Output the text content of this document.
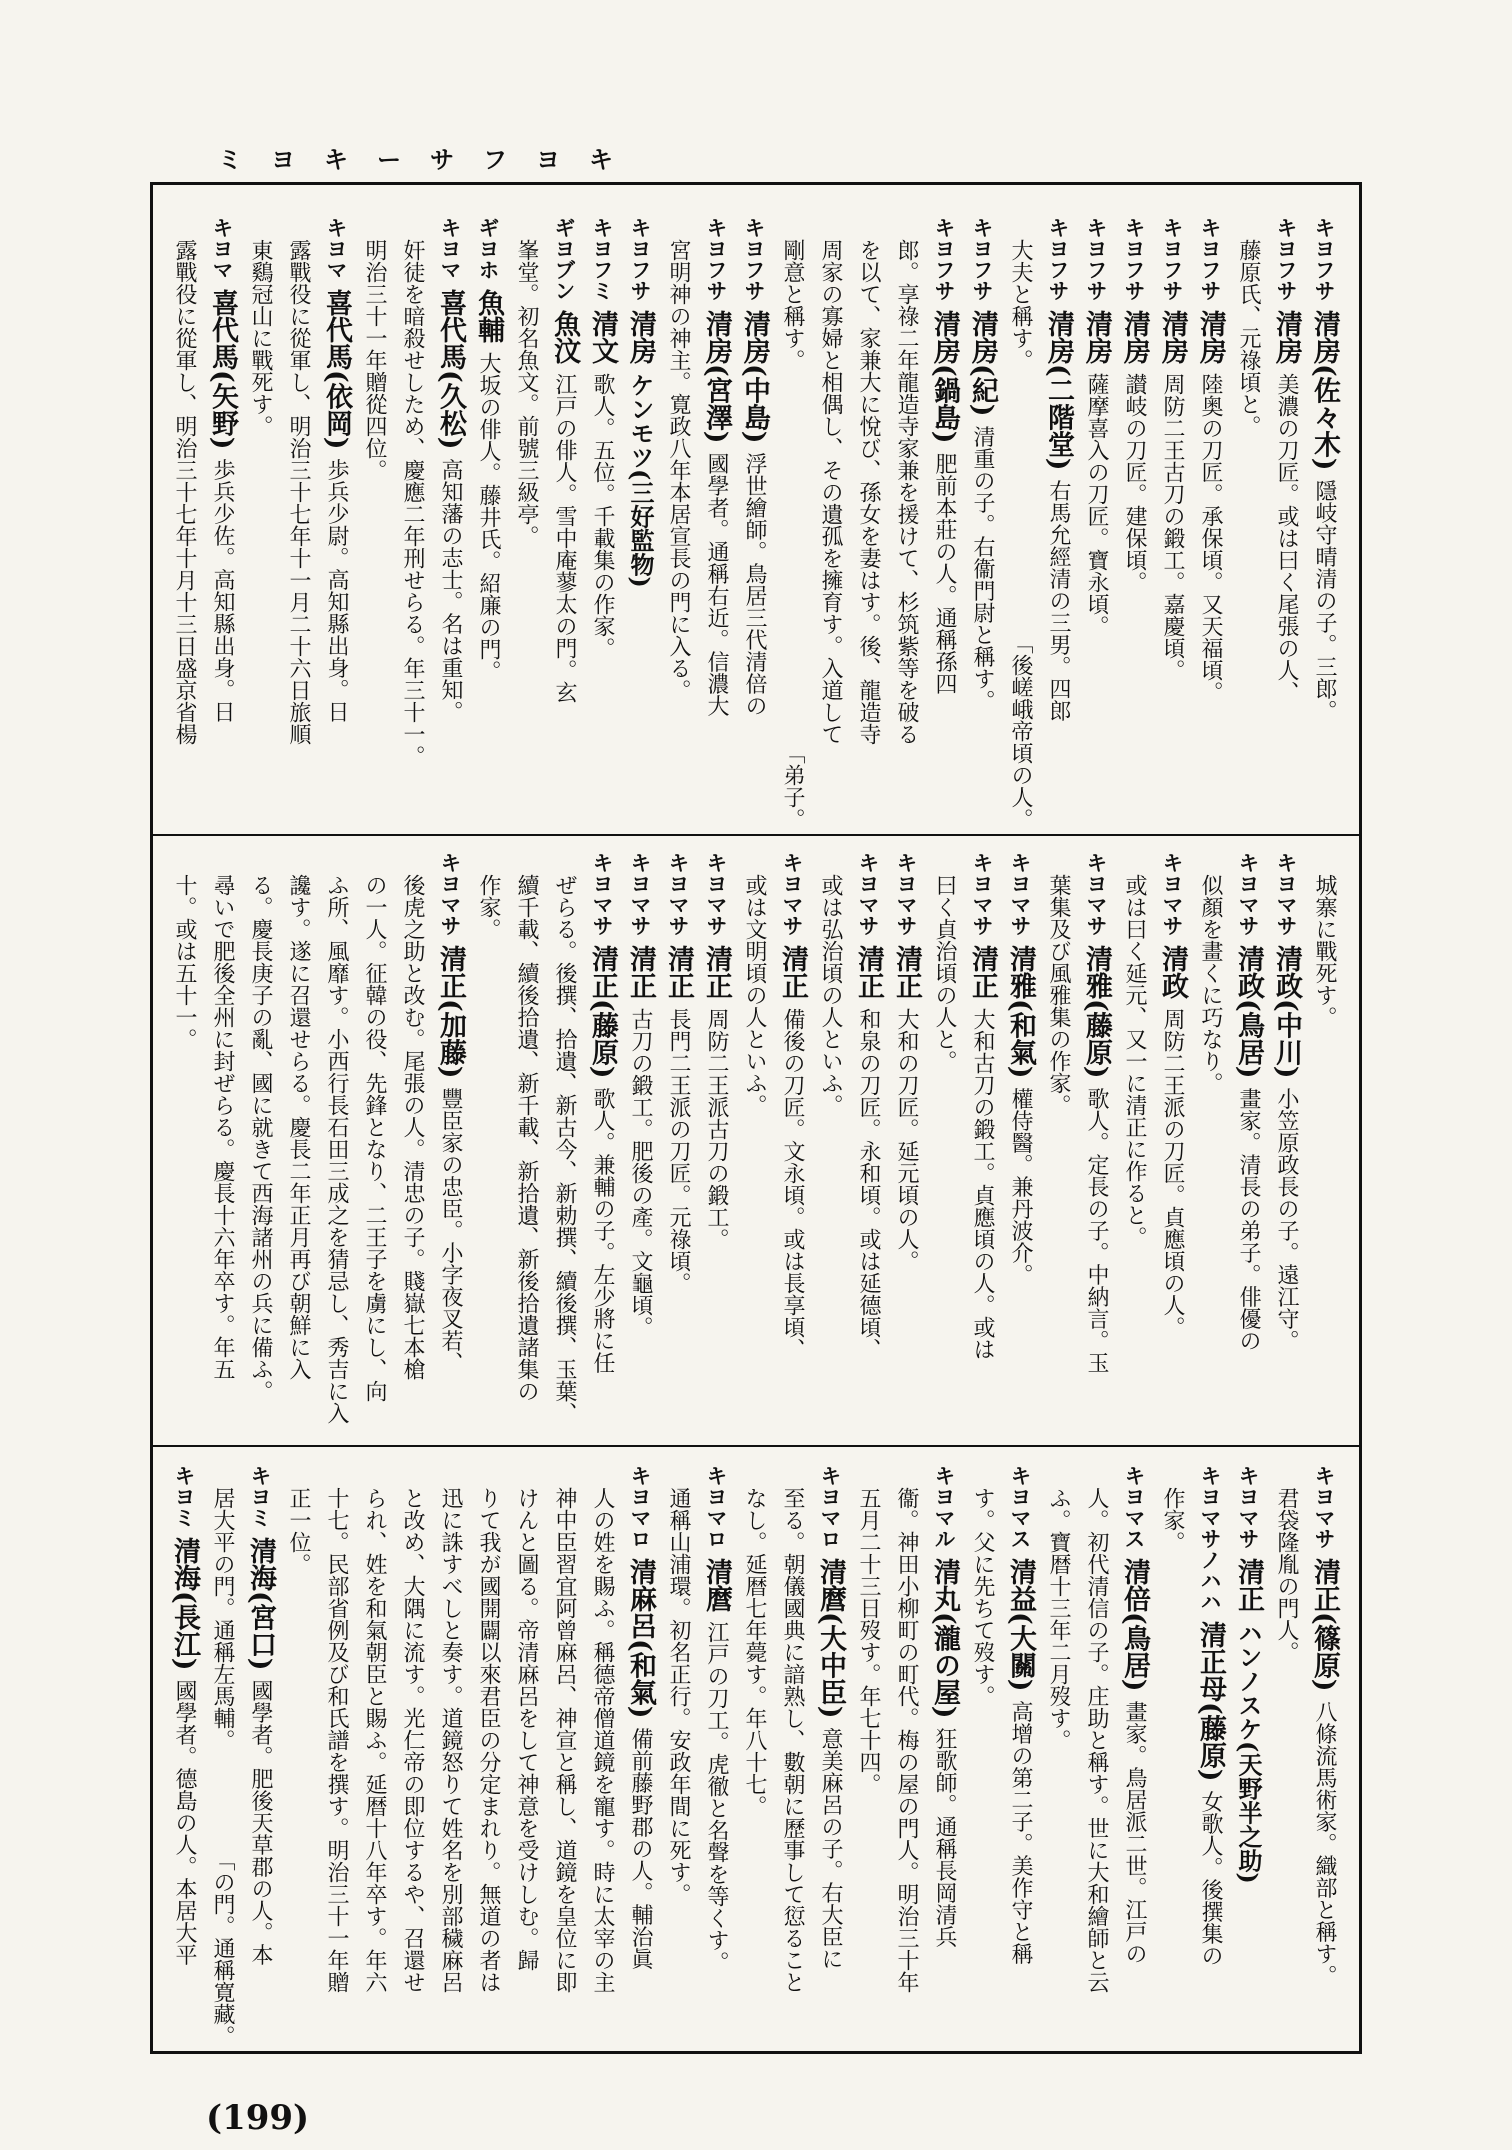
キヨフサーキヨミ
キヨフサ清房(佐々木)隱岐守晴清の子。三郎。
キヨフサ清房美濃の刀匠。或は曰く尾張の人、
藤原氏、元祿頃と。
キヨフサ清房陸奥の刀匠。承保頃。又天福頃。
キヨフサ清房周防二王古刀の鍛工。嘉慶頃。
キヨフサ清房讃岐の刀匠。建保頃。
キヨフサ清房薩摩喜入の刀匠。寶永頃。
キヨフサ清房(二階堂)右馬允經清の三男。四郎
大夫と稱す。
「後嵯峨帝頃の人。
キヨフサ清房(紀)清重の子。右衞門尉と稱す。
キヨフサ清房(鍋島)肥前本莊の人。通稱孫四
郎。享祿二年龍造寺家兼を援けて、杉筑紫等を破る
を以て、家兼大に悅び、孫女を妻はす。後、龍造寺
周家の寡婦と相偶し、その遺孤を擁育す。入道して
剛意と稱す。
「弟子。
キヨフサ清房(中島)浮世繪師。鳥居三代清倍の
キヨフサ清房(宮澤)國學者。通稱右近。信濃大
宮明神の神主。寛政八年本居宣長の門に入る。
キヨフサ清房ケンモツ(三好監物)
キヨフミ清文歌人。五位。千載集の作家。
ギヨブン魚汶江戸の俳人。雪中庵蓼太の門。玄
峯堂。初名魚文。前號三級亭。
ギヨホ魚輔大坂の俳人。藤井氏。紹廉の門。
キヨマ喜代馬(久松)高知藩の志士。名は重知。
奸徒を暗殺せしため、慶應二年刑せらる。年三十一。
明治三十一年贈從四位。
キヨマ喜代馬(依岡)歩兵少尉。高知縣出身。日
露戰役に從軍し、明治三十七年十一月二十六日旅順
東鷄冠山に戰死す。
キヨマ喜代馬(矢野)歩兵少佐。高知縣出身。日
露戰役に從軍し、明治三十七年十月十三日盛京省楊
城寨に戰死す。
キヨマサ清政(中川)小笠原政長の子。遠江守。
キヨマサ清政(鳥居)畫家。清長の弟子。俳優の
似顏を畫くに巧なり。
キヨマサ清政周防二王派の刀匠。貞應頃の人。
或は曰く延元、又一に清正に作ると。
キヨマサ清雅(藤原)歌人。定長の子。中納言。玉
葉集及び風雅集の作家。
キヨマサ清雅(和氣)權侍醫。兼丹波介。
キヨマサ清正大和古刀の鍛工。貞應頃の人。或は
曰く貞治頃の人と。
キヨマサ清正大和の刀匠。延元頃の人。
キヨマサ清正和泉の刀匠。永和頃。或は延德頃、
或は弘治頃の人といふ。
キヨマサ清正備後の刀匠。文永頃。或は長享頃、
或は文明頃の人といふ。
キヨマサ清正周防二王派古刀の鍛工。
キヨマサ清正長門二王派の刀匠。元祿頃。
キヨマサ清正古刀の鍛工。肥後の產。文龜頃。
キヨマサ清正(藤原)歌人。兼輔の子。左少將に任
ぜらる。後撰、拾遺、新古今、新勅撰、續後撰、玉葉、
續千載、續後拾遺、新千載、新拾遺、新後拾遺諸集の
作家。
キヨマサ清正(加藤)豐臣家の忠臣。小字夜叉若、
後虎之助と改む。尾張の人。清忠の子。賤嶽七本槍
の一人。征韓の役、先鋒となり、二王子を虜にし、向
ふ所、風靡す。小西行長石田三成之を猜忌し、秀吉に入
讒す。遂に召還せらる。慶長二年正月再び朝鮮に入
る。慶長庚子の亂、國に就きて西海諸州の兵に備ふ。
尋いで肥後全州に封ぜらる。慶長十六年卒す。年五
十。或は五十一。
キヨマサ清正(篠原)八條流馬術家。織部と稱す。
君袋隆胤の門人。
キヨマサ清正ハンノスケ(天野半之助)
キヨマサノハハ清正母(藤原)女歌人。後撰集の
作家。
キヨマス清倍(鳥居)畫家。鳥居派二世。江戸の
人。初代清信の子。庄助と稱す。世に大和繪師と云
ふ。寶暦十三年二月歿す。
キヨマス清益(大關)高增の第二子。美作守と稱
す。父に先ちて歿す。
キヨマル清丸(瀧の屋)狂歌師。通稱長岡清兵
衞。神田小柳町の町代。梅の屋の門人。明治三十年
五月二十三日歿す。年七十四。
キヨマロ清麿(大中臣)意美麻呂の子。右大臣に
至る。朝儀國典に諳熟し、數朝に歷事して愆ること
なし。延暦七年薨す。年八十七。
キヨマロ清麿江戸の刀工。虎徹と名聲を等くす。
通稱山浦環。初名正行。安政年間に死す。
キヨマロ清麻呂(和氣)備前藤野郡の人。輔治眞
人の姓を賜ふ。稱德帝僧道鏡を寵す。時に太宰の主
神中臣習宜阿曾麻呂、神宣と稱し、道鏡を皇位に即
けんと圖る。帝清麻呂をして神意を受けしむ。歸
りて我が國開闢以來君臣の分定まれり。無道の者は
迅に誅すべしと奏す。道鏡怒りて姓名を別部穢麻呂
と改め、大隅に流す。光仁帝の即位するや、召還せ
られ、姓を和氣朝臣と賜ふ。延暦十八年卒す。年六
十七。民部省例及び和氏譜を撰す。明治三十一年贈
正一位。
キヨミ清海(宮口)國學者。肥後天草郡の人。本
居大平の門。通稱左馬輔。
「の門。通稱寛藏。
キヨミ清海(長江)國學者。德島の人。本居大平
(199)
